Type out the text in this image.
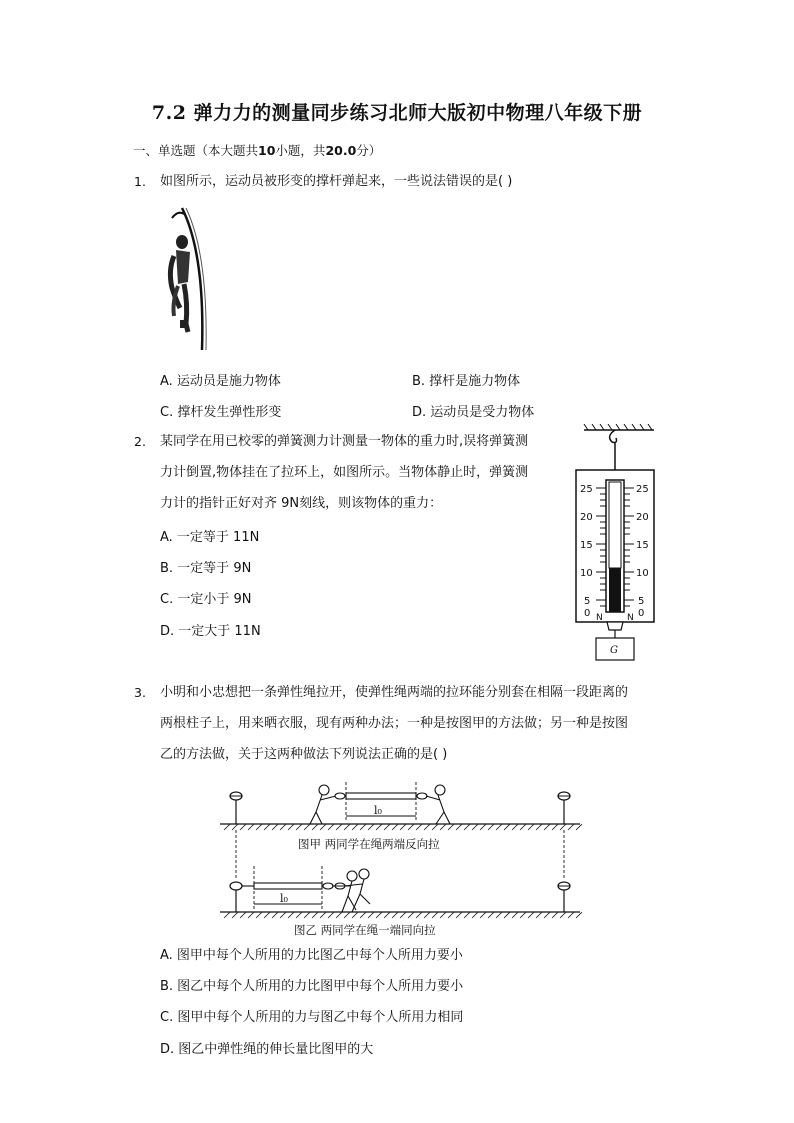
7.2 弹力力的测量同步练习北师大版初中物理八年级下册
一、单选题（本大题共10小题，共20.0分）
1. 如图所示，运动员被形变的撑杆弹起来，一些说法错误的是( )
A. 运动员是施力物体	B. 撑杆是施力物体
C. 撑杆发生弹性形变	D. 运动员是受力物体
2. 某同学在用已校零的弹簧测力计测量一物体的重力时,误将弹簧测
力计倒置,物体挂在了拉环上，如图所示。当物体静止时，弹簧测
力计的指针正好对齐 9N刻线，则该物体的重力：
A. 一定等于 11N
B. 一定等于 9N
C. 一定小于 9N
D. 一定大于 11N
25
20
15
10
5
0
25
20
15
10
5
0
N	N
G
3. 小明和小忠想把一条弹性绳拉开，使弹性绳两端的拉环能分别套在相隔一段距离的
两根柱子上，用来晒衣服，现有两种办法；一种是按图甲的方法做；另一种是按图
乙的方法做，关于这两种做法下列说法正确的是( )
l₀
l₀
图甲 两同学在绳两端反向拉
图乙 两同学在绳一端同向拉
A. 图甲中每个人所用的力比图乙中每个人所用力要小
B. 图乙中每个人所用的力比图甲中每个人所用力要小
C. 图甲中每个人所用的力与图乙中每个人所用力相同
D. 图乙中弹性绳的伸长量比图甲的大
